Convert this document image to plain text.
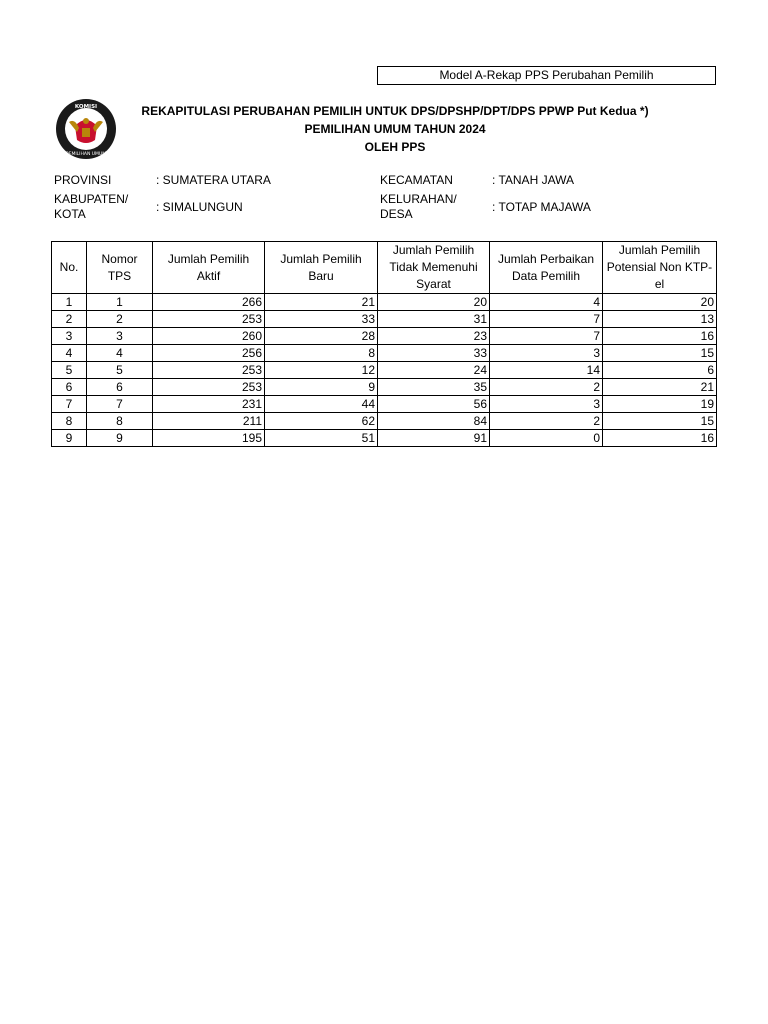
Model A-Rekap PPS Perubahan Pemilih
KOMISI
PEMILIHAN UMUM
REKAPITULASI PERUBAHAN PEMILIH UNTUK DPS/DPSHP/DPT/DPS PPWP Put Kedua *)
PEMILIHAN UMUM TAHUN 2024
OLEH PPS
PROVINSI	: SUMATERA UTARA
KABUPATEN/
KOTA	: SIMALUNGUN
KECAMATAN	: TANAH JAWA
KELURAHAN/
DESA	: TOTAP MAJAWA
No.	Nomor TPS	Jumlah Pemilih Aktif	Jumlah Pemilih Baru	Jumlah Pemilih Tidak Memenuhi Syarat	Jumlah Perbaikan Data Pemilih	Jumlah Pemilih Potensial Non KTP-el
1	1	266	21	20	4	20
2	2	253	33	31	7	13
3	3	260	28	23	7	16
4	4	256	8	33	3	15
5	5	253	12	24	14	6
6	6	253	9	35	2	21
7	7	231	44	56	3	19
8	8	211	62	84	2	15
9	9	195	51	91	0	16
